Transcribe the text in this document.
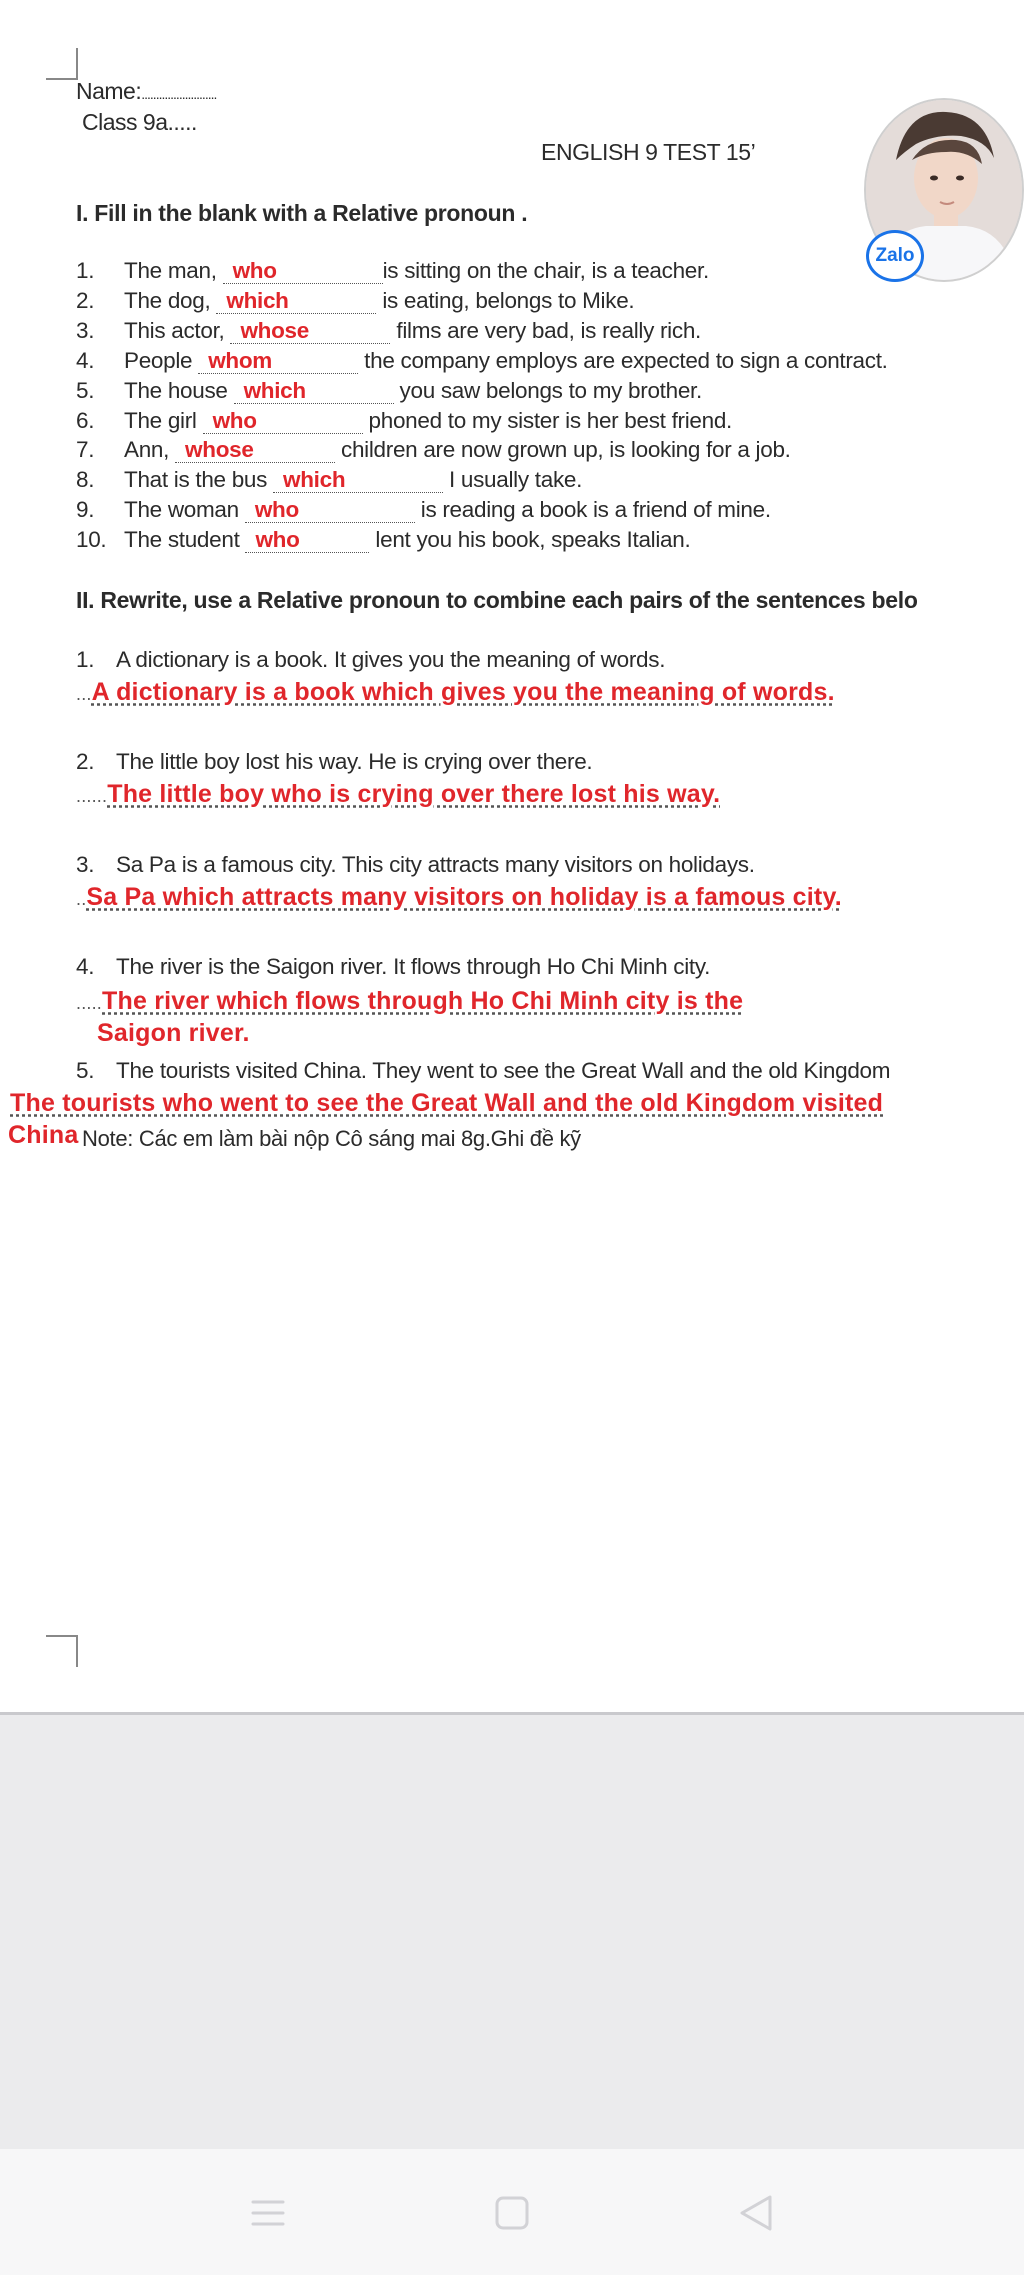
Name:..........................
Class 9a.....
ENGLISH 9 TEST 15’
Zalo
I. Fill in the blank with a Relative pronoun .
1. The man, who	is sitting on the chair, is a teacher.
2. The dog, which	is eating, belongs to Mike.
3. This actor, whose	films are very bad, is really rich.
4. People whom	the company employs are expected to sign a contract.
5. The house which	you saw belongs to my brother.
6. The girl who	phoned to my sister is her best friend.
7. Ann, whose	children are now grown up, is looking for a job.
8. That is the bus which	I usually take.
9. The woman who	is reading a book is a friend of mine.
10. The student who	lent you his book, speaks Italian.
II. Rewrite, use a Relative pronoun to combine each pairs of the sentences belo
1. A dictionary is a book. It gives you the meaning of words.
...A dictionary is a book which gives you the meaning of words.
2. The little boy lost his way. He is crying over there.
......The little boy who is crying over there lost his way.
3. Sa Pa is a famous city. This city attracts many visitors on holidays.
..Sa Pa which attracts many visitors on holiday is a famous city.
4. The river is the Saigon river. It flows through Ho Chi Minh city.
.....The river which flows through Ho Chi Minh city is the
Saigon river.
5. The tourists visited China. They went to see the Great Wall and the old Kingdom
The tourists who went to see the Great Wall and the old Kingdom visited
China Note: Các em làm bài nộp Cô sáng mai 8g.Ghi đề kỹ
